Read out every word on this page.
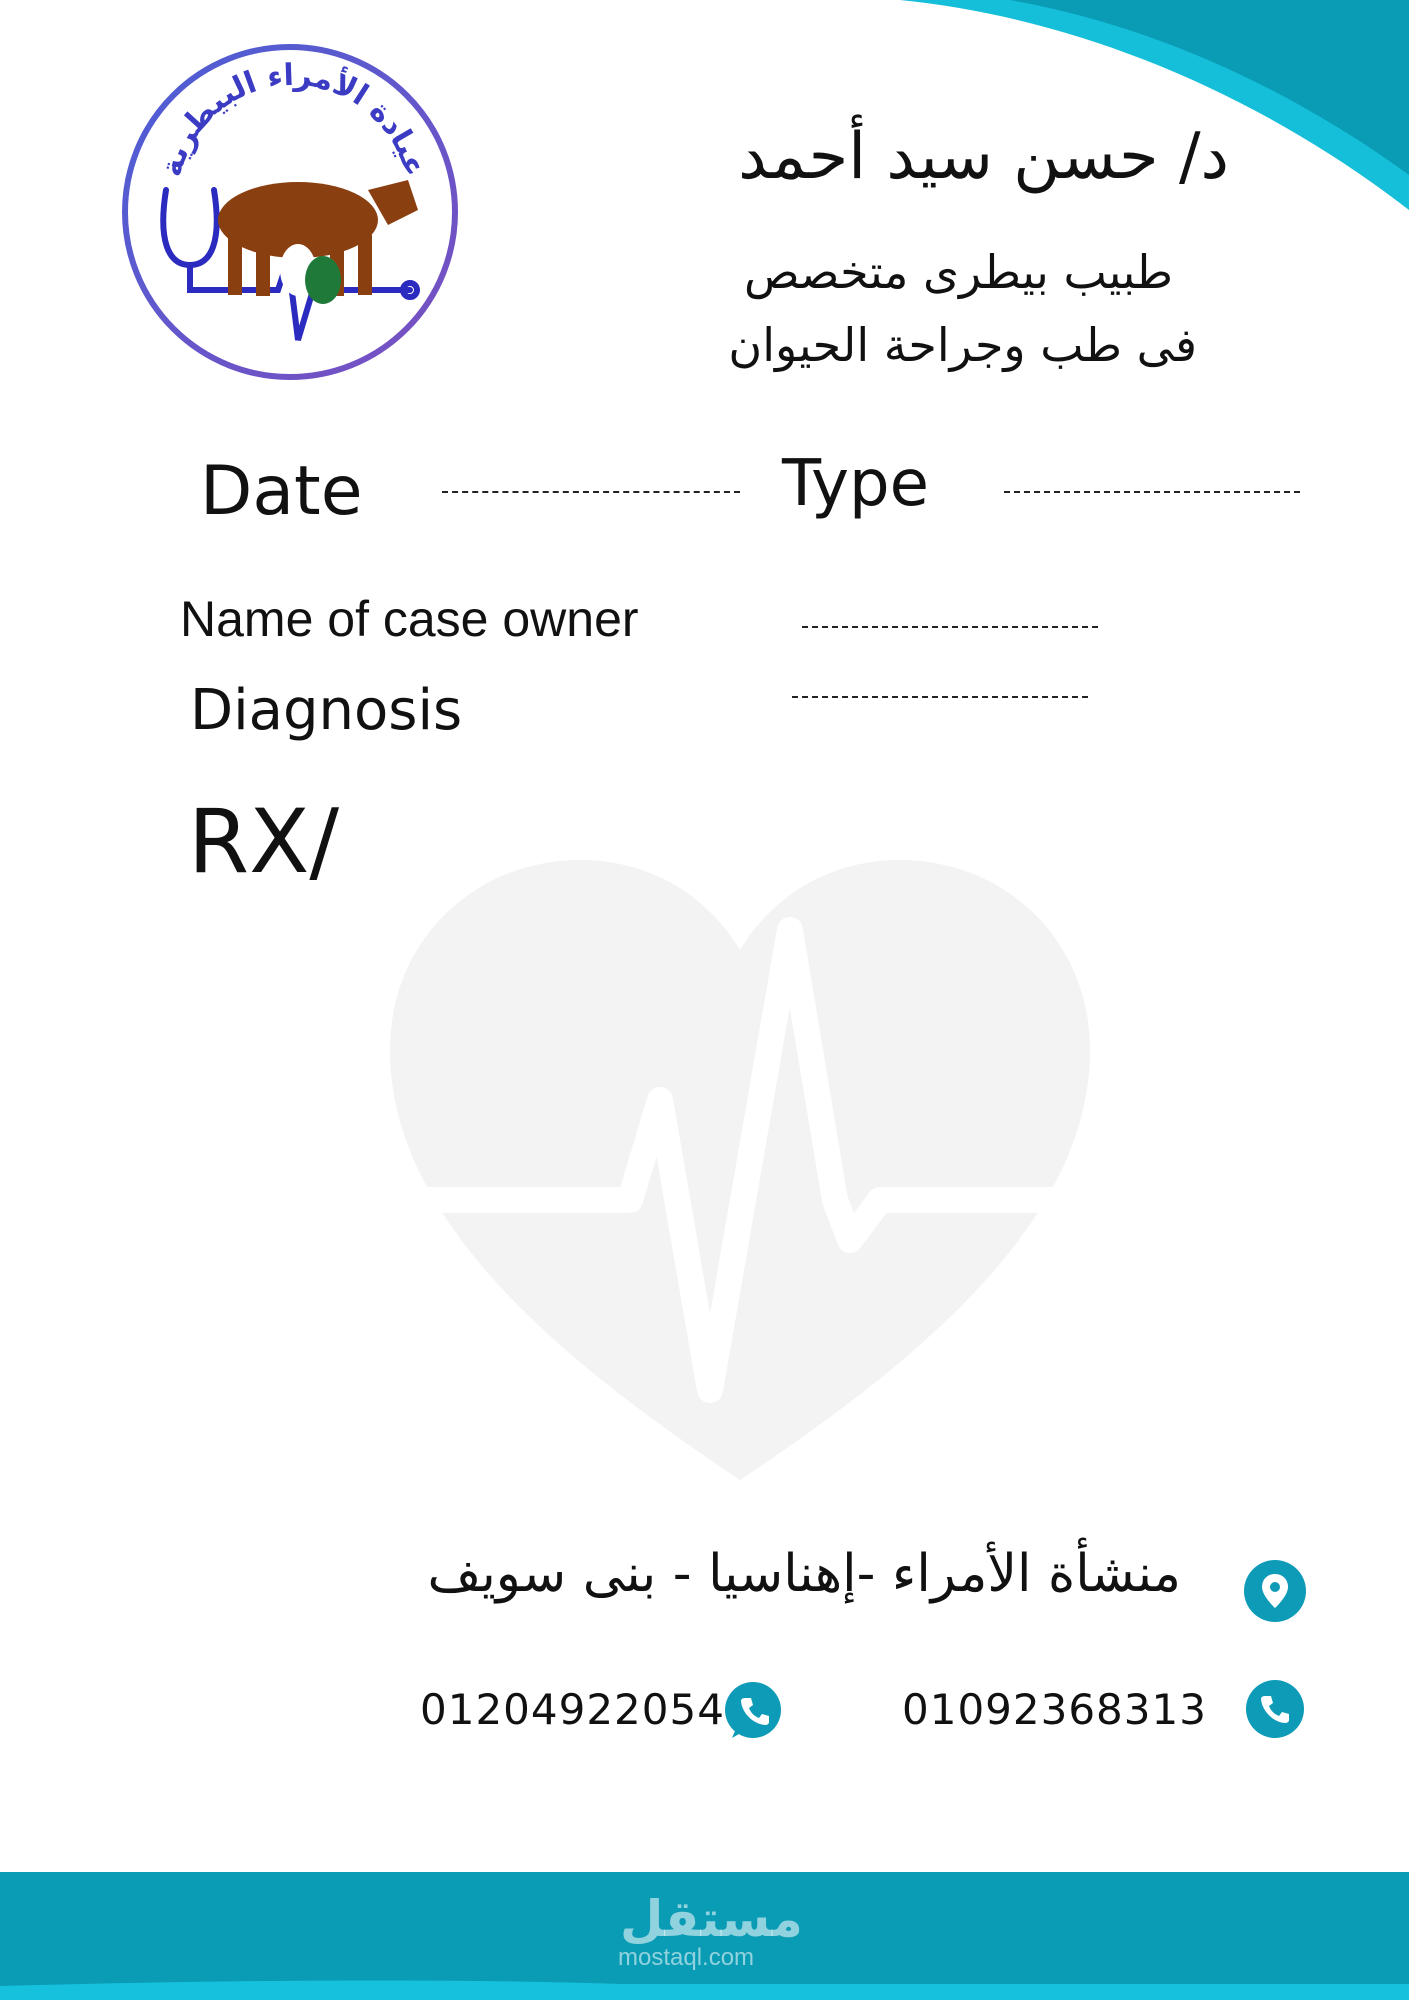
عيادة الأمراء البيطرية	د/ حسن سيد أحمد
طبيب بيطرى متخصص
فى طب وجراحة الحيوان
Date	Type
Name of case owner
Diagnosis
RX/
منشأة الأمراء -إهناسيا - بنى سويف
01092368313
01204922054
مستقل
mostaql.com
